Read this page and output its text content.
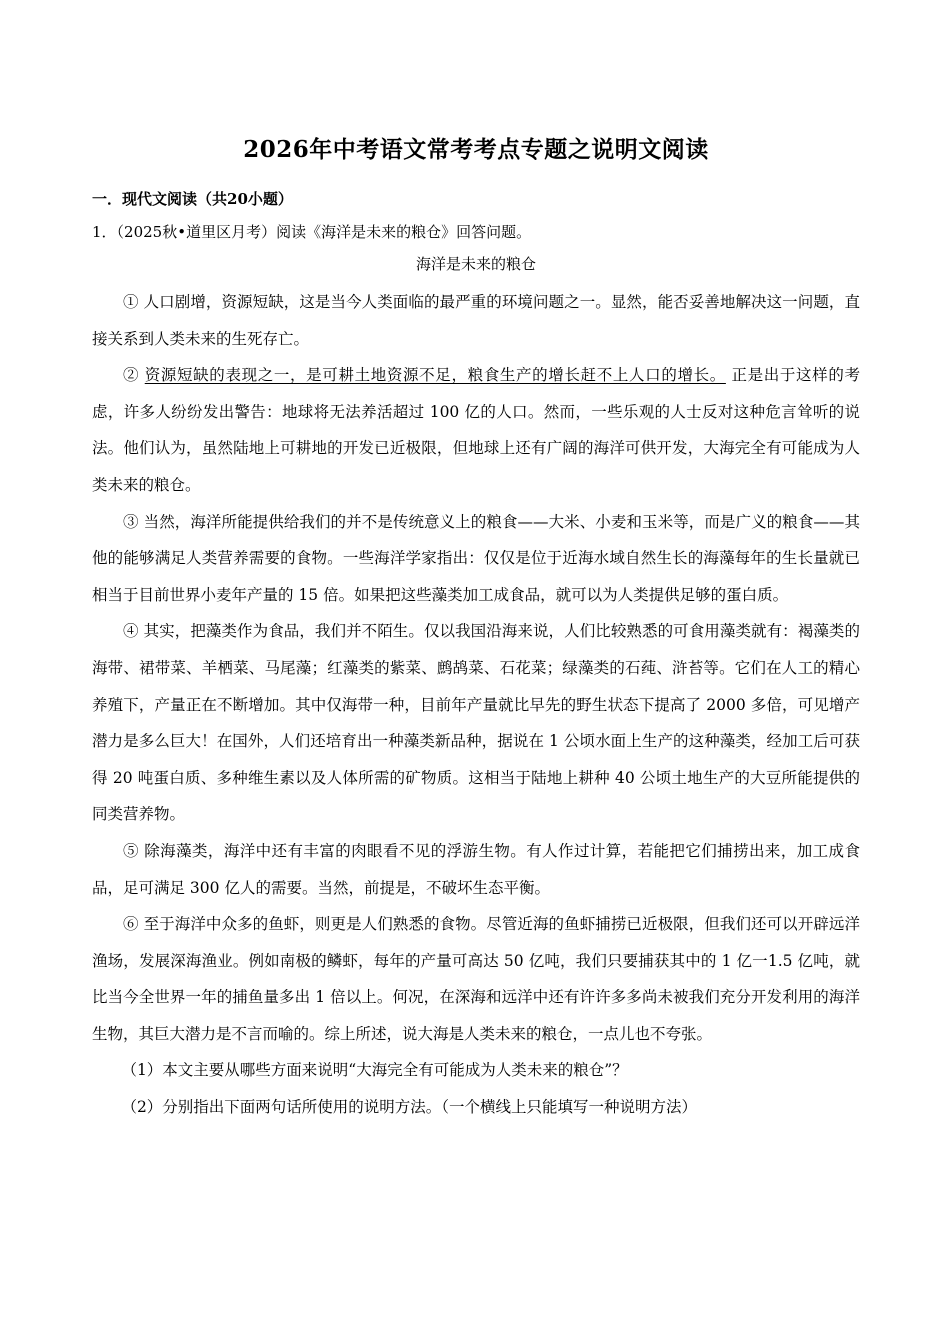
2026年中考语文常考考点专题之说明文阅读
一．现代文阅读（共20小题）
1．（2025秋•道里区月考）阅读《海洋是未来的粮仓》回答问题。
海洋是未来的粮仓

① 人口剧增，资源短缺，这是当今人类面临的最严重的环境问题之一。显然，能否妥善地解决这一问题，直接关系到人类未来的生死存亡。

② 资源短缺的表现之一，是可耕土地资源不足，粮食生产的增长赶不上人口的增长。 正是出于这样的考虑，许多人纷纷发出警告：地球将无法养活超过 100 亿的人口。然而，一些乐观的人士反对这种危言耸听的说法。他们认为，虽然陆地上可耕地的开发已近极限，但地球上还有广阔的海洋可供开发，大海完全有可能成为人类未来的粮仓。

③ 当然，海洋所能提供给我们的并不是传统意义上的粮食——大米、小麦和玉米等，而是广义的粮食——其他的能够满足人类营养需要的食物。一些海洋学家指出：仅仅是位于近海水域自然生长的海藻每年的生长量就已相当于目前世界小麦年产量的 15 倍。如果把这些藻类加工成食品，就可以为人类提供足够的蛋白质。

④ 其实，把藻类作为食品，我们并不陌生。仅以我国沿海来说，人们比较熟悉的可食用藻类就有：褐藻类的海带、裙带菜、羊栖菜、马尾藻；红藻类的紫菜、鹧鸪菜、石花菜；绿藻类的石莼、浒苔等。它们在人工的精心养殖下，产量正在不断增加。其中仅海带一种，目前年产量就比早先的野生状态下提高了 2000 多倍，可见增产潜力是多么巨大！在国外，人们还培育出一种藻类新品种，据说在 1 公顷水面上生产的这种藻类，经加工后可获得 20 吨蛋白质、多种维生素以及人体所需的矿物质。这相当于陆地上耕种 40 公顷土地生产的大豆所能提供的同类营养物。

⑤ 除海藻类，海洋中还有丰富的肉眼看不见的浮游生物。有人作过计算，若能把它们捕捞出来，加工成食品，足可满足 300 亿人的需要。当然，前提是，不破坏生态平衡。

⑥ 至于海洋中众多的鱼虾，则更是人们熟悉的食物。尽管近海的鱼虾捕捞已近极限，但我们还可以开辟远洋渔场，发展深海渔业。例如南极的鳞虾，每年的产量可高达 50 亿吨，我们只要捕获其中的 1 亿一1.5 亿吨，就比当今全世界一年的捕鱼量多出 1 倍以上。何况，在深海和远洋中还有许许多多尚未被我们充分开发利用的海洋生物，其巨大潜力是不言而喻的。综上所述，说大海是人类未来的粮仓，一点儿也不夸张。

（1）本文主要从哪些方面来说明“大海完全有可能成为人类未来的粮仓”？

（2）分别指出下面两句话所使用的说明方法。（一个横线上只能填写一种说明方法）
